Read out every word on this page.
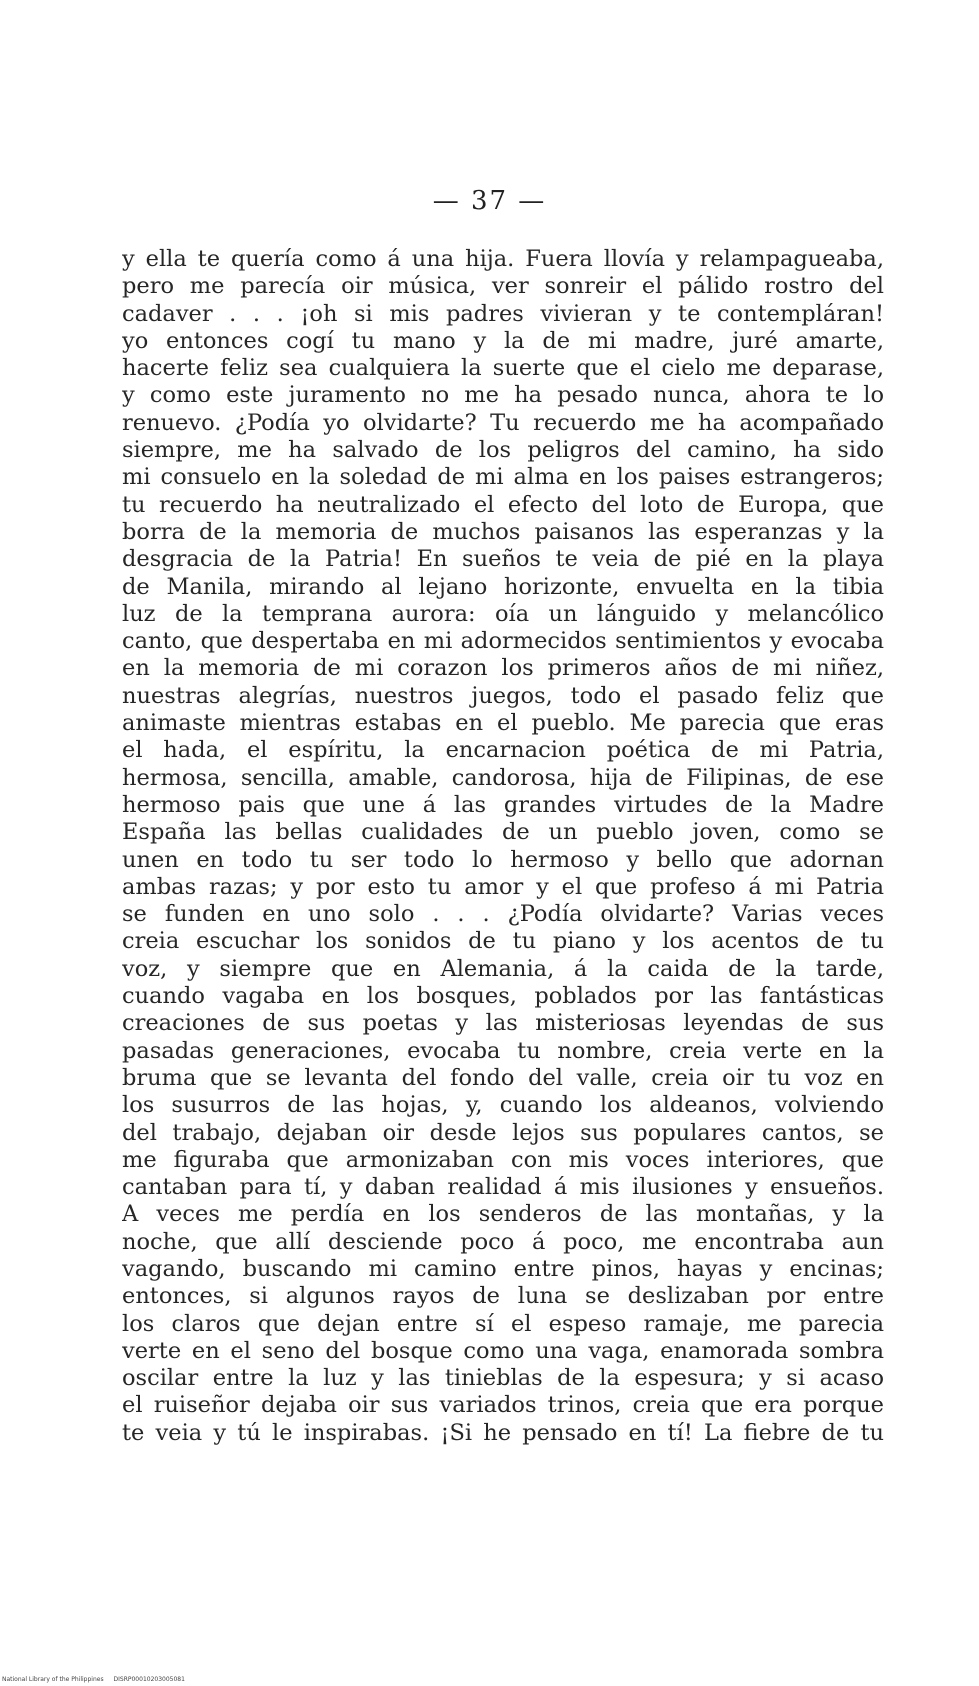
— 37 —
y ella te quería como á una hija. Fuera llovía y relampagueaba,
pero me parecía oir música, ver sonreir el pálido rostro del
cadaver . . . ¡oh si mis padres vivieran y te contempláran!
yo entonces cogí tu mano y la de mi madre, juré amarte,
hacerte feliz sea cualquiera la suerte que el cielo me deparase,
y como este juramento no me ha pesado nunca, ahora te lo
renuevo. ¿Podía yo olvidarte? Tu recuerdo me ha acompañado
siempre, me ha salvado de los peligros del camino, ha sido
mi consuelo en la soledad de mi alma en los paises estrangeros;
tu recuerdo ha neutralizado el efecto del loto de Europa, que
borra de la memoria de muchos paisanos las esperanzas y la
desgracia de la Patria! En sueños te veia de pié en la playa
de Manila, mirando al lejano horizonte, envuelta en la tibia
luz de la temprana aurora: oía un lánguido y melancólico
canto, que despertaba en mi adormecidos sentimientos y evocaba
en la memoria de mi corazon los primeros años de mi niñez,
nuestras alegrías, nuestros juegos, todo el pasado feliz que
animaste mientras estabas en el pueblo. Me parecia que eras
el hada, el espíritu, la encarnacion poética de mi Patria,
hermosa, sencilla, amable, candorosa, hija de Filipinas, de ese
hermoso pais que une á las grandes virtudes de la Madre
España las bellas cualidades de un pueblo joven, como se
unen en todo tu ser todo lo hermoso y bello que adornan
ambas razas; y por esto tu amor y el que profeso á mi Patria
se funden en uno solo . . . ¿Podía olvidarte? Varias veces
creia escuchar los sonidos de tu piano y los acentos de tu
voz, y siempre que en Alemania, á la caida de la tarde,
cuando vagaba en los bosques, poblados por las fantásticas
creaciones de sus poetas y las misteriosas leyendas de sus
pasadas generaciones, evocaba tu nombre, creia verte en la
bruma que se levanta del fondo del valle, creia oir tu voz en
los susurros de las hojas, y, cuando los aldeanos, volviendo
del trabajo, dejaban oir desde lejos sus populares cantos, se
me figuraba que armonizaban con mis voces interiores, que
cantaban para tí, y daban realidad á mis ilusiones y ensueños.
A veces me perdía en los senderos de las montañas, y la
noche, que allí desciende poco á poco, me encontraba aun
vagando, buscando mi camino entre pinos, hayas y encinas;
entonces, si algunos rayos de luna se deslizaban por entre
los claros que dejan entre sí el espeso ramaje, me parecia
verte en el seno del bosque como una vaga, enamorada sombra
oscilar entre la luz y las tinieblas de la espesura; y si acaso
el ruiseñor dejaba oir sus variados trinos, creia que era porque
te veia y tú le inspirabas. ¡Si he pensado en tí! La fiebre de tu
National Library of the Philippines DISRP00010203005081
